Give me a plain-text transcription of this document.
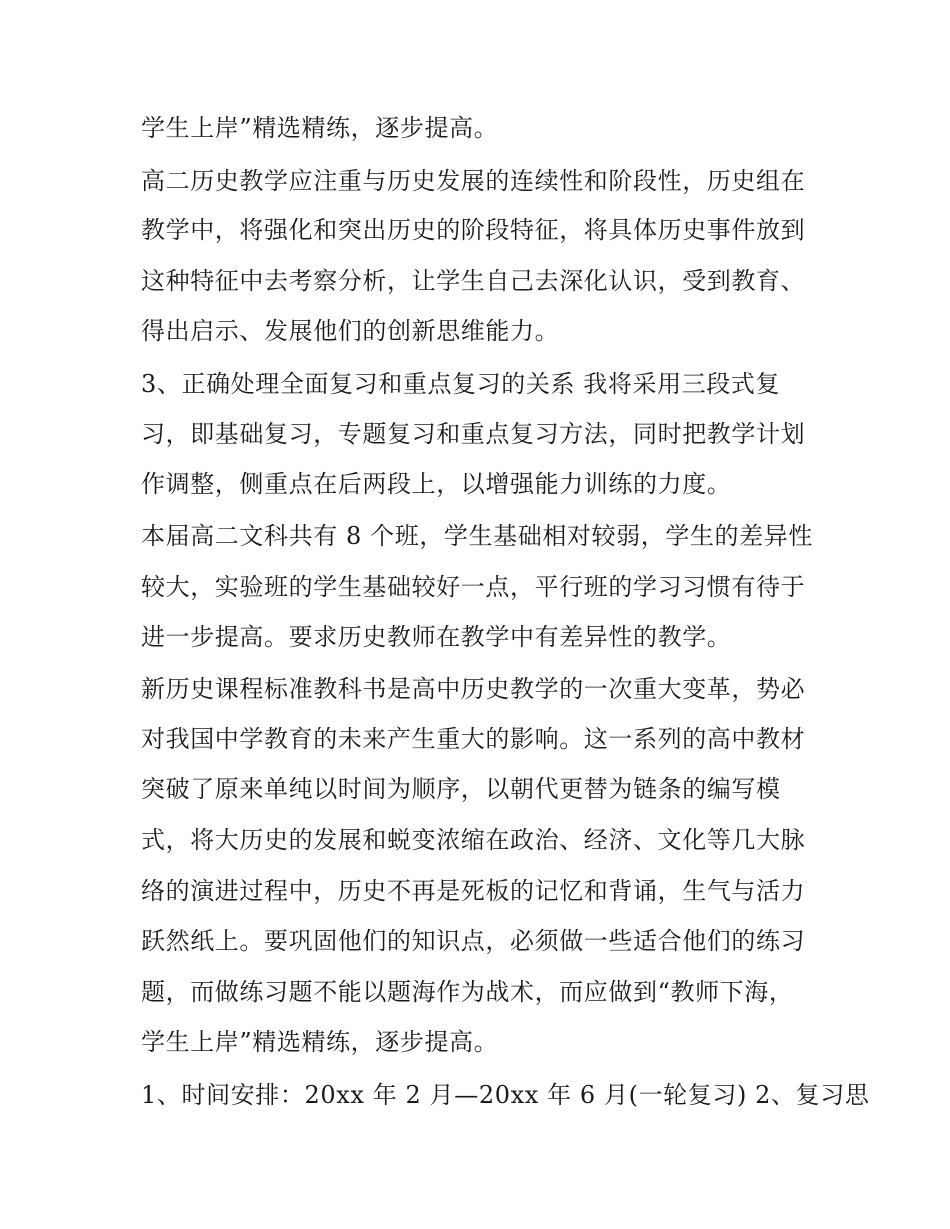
学生上岸”精选精练，逐步提高。
高二历史教学应注重与历史发展的连续性和阶段性，历史组在
教学中，将强化和突出历史的阶段特征，将具体历史事件放到
这种特征中去考察分析，让学生自己去深化认识，受到教育、
得出启示、发展他们的创新思维能力。
3、正确处理全面复习和重点复习的关系 我将采用三段式复
习，即基础复习，专题复习和重点复习方法，同时把教学计划
作调整，侧重点在后两段上，以增强能力训练的力度。
本届高二文科共有 8 个班，学生基础相对较弱，学生的差异性
较大，实验班的学生基础较好一点，平行班的学习习惯有待于
进一步提高。要求历史教师在教学中有差异性的教学。
新历史课程标准教科书是高中历史教学的一次重大变革，势必
对我国中学教育的未来产生重大的影响。这一系列的高中教材
突破了原来单纯以时间为顺序，以朝代更替为链条的编写模
式，将大历史的发展和蜕变浓缩在政治、经济、文化等几大脉
络的演进过程中，历史不再是死板的记忆和背诵，生气与活力
跃然纸上。要巩固他们的知识点，必须做一些适合他们的练习
题，而做练习题不能以题海作为战术，而应做到“教师下海，
学生上岸”精选精练，逐步提高。
1、时间安排：20xx 年 2 月—20xx 年 6 月(一轮复习) 2、复习思
